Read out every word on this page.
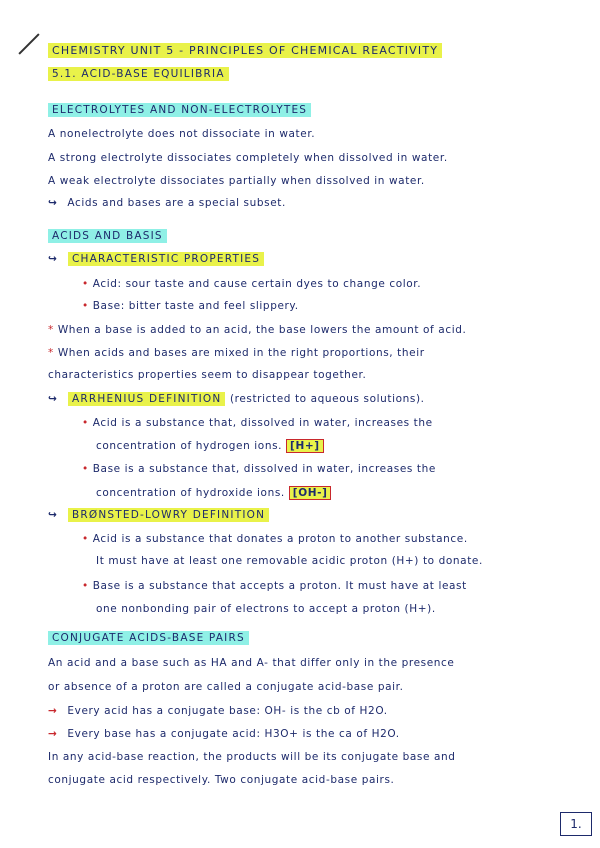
CHEMISTRY UNIT 5 - PRINCIPLES OF CHEMICAL REACTIVITY
5.1. ACID-BASE EQUILIBRIA
ELECTROLYTES AND NON-ELECTROLYTES
A nonelectrolyte does not dissociate in water.
A strong electrolyte dissociates completely when dissolved in water.
A weak electrolyte dissociates partially when dissolved in water.
↪ Acids and bases are a special subset.
ACIDS AND BASIS
↪ CHARACTERISTIC PROPERTIES
• Acid: sour taste and cause certain dyes to change color.
• Base: bitter taste and feel slippery.
* When a base is added to an acid, the base lowers the amount of acid.
* When acids and bases are mixed in the right proportions, their
characteristics properties seem to disappear together.
↪ ARRHENIUS DEFINITION (restricted to aqueous solutions).
• Acid is a substance that, dissolved in water, increases the
concentration of hydrogen ions. [H+]
• Base is a substance that, dissolved in water, increases the
concentration of hydroxide ions. [OH-]
↪ BRØNSTED-LOWRY DEFINITION
• Acid is a substance that donates a proton to another substance.
It must have at least one removable acidic proton (H+) to donate.
• Base is a substance that accepts a proton. It must have at least
one nonbonding pair of electrons to accept a proton (H+).
CONJUGATE ACIDS-BASE PAIRS
An acid and a base such as HA and A- that differ only in the presence
or absence of a proton are called a conjugate acid-base pair.
→ Every acid has a conjugate base: OH- is the cb of H2O.
→ Every base has a conjugate acid: H3O+ is the ca of H2O.
In any acid-base reaction, the products will be its conjugate base and
conjugate acid respectively. Two conjugate acid-base pairs.
1.
